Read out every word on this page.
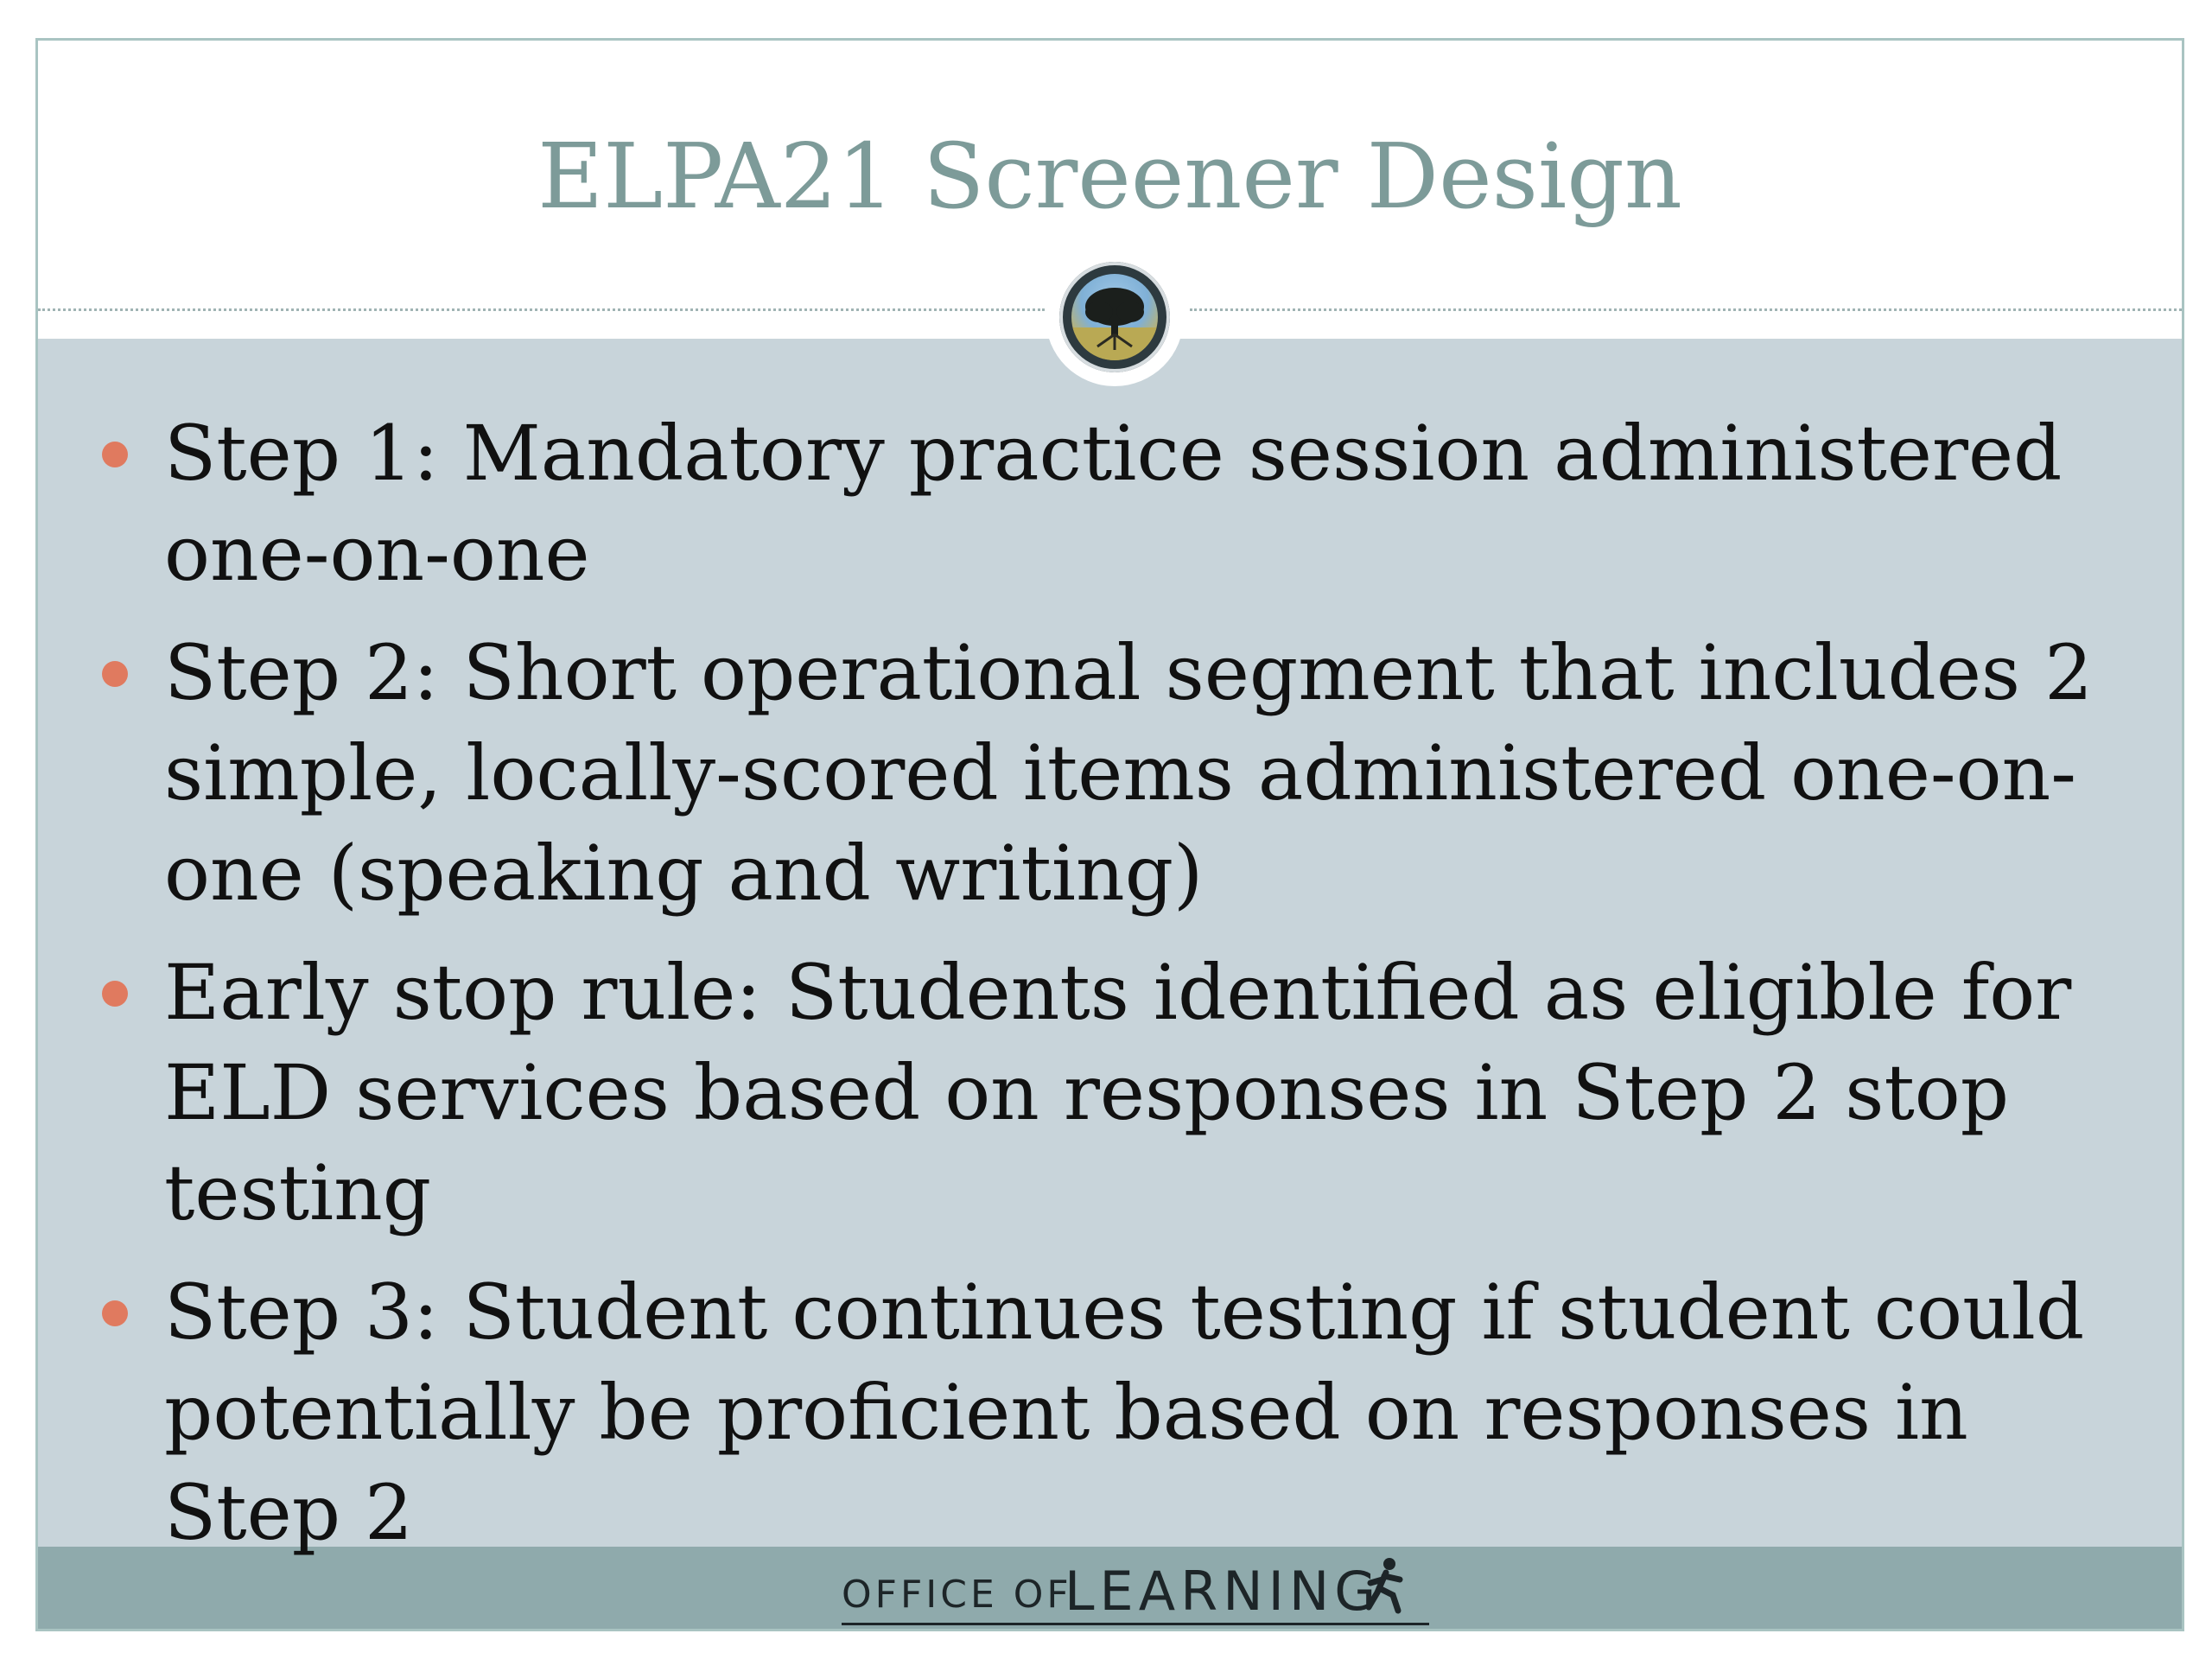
ELPA21 Screener Design
Step 1: Mandatory practice session administered one-on-one
Step 2: Short operational segment that includes 2 simple, locally-scored items administered one-on-one (speaking and writing)
Early stop rule: Students identified as eligible for ELD services based on responses in Step 2 stop testing
Step 3: Student continues testing if student could potentially be proficient based on responses in Step 2
OFFICE OF
LEARNING
